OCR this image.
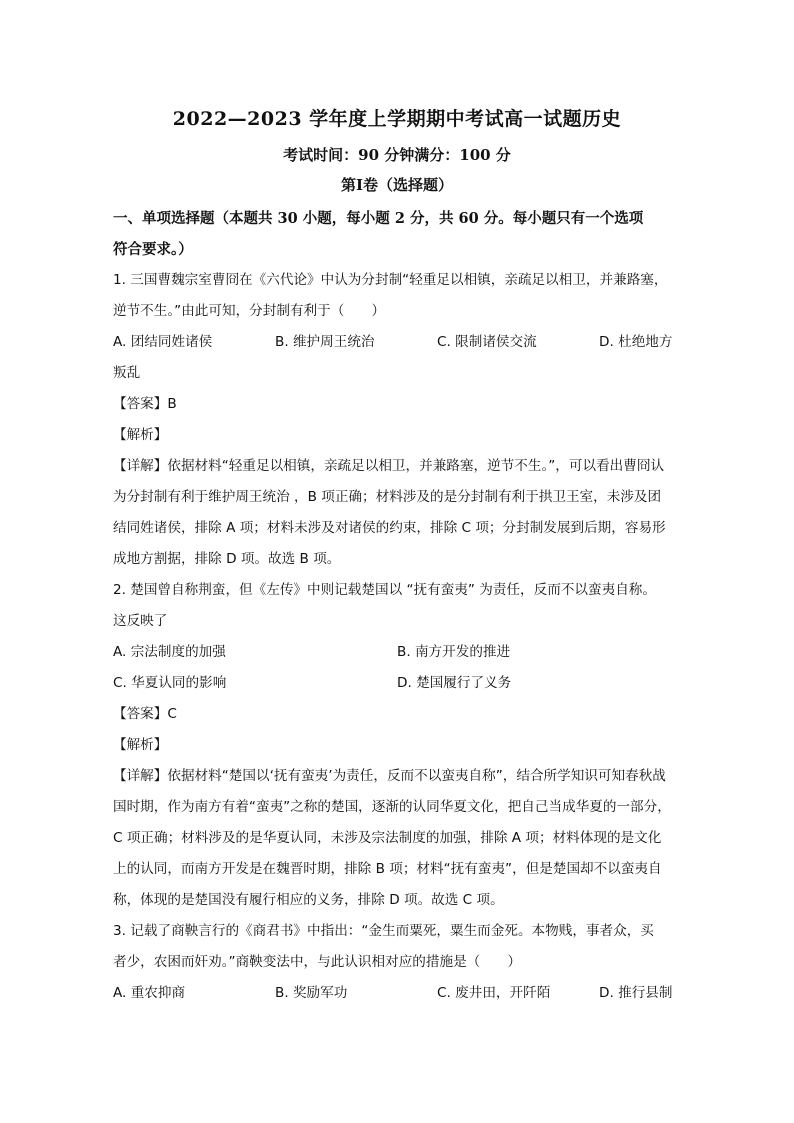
2022—2023 学年度上学期期中考试高一试题历史
考试时间：90 分钟满分：100 分
第Ⅰ卷（选择题）
一、单项选择题（本题共 30 小题，每小题 2 分，共 60 分。每小题只有一个选项
符合要求。）
1. 三国曹魏宗室曹冏在《六代论》中认为分封制“轻重足以相镇，亲疏足以相卫，并兼路塞，
逆节不生。”由此可知，分封制有利于（　　）
A. 团结同姓诸侯	B. 维护周王统治	C. 限制诸侯交流	D. 杜绝地方
叛乱
【答案】B
【解析】
【详解】依据材料“轻重足以相镇，亲疏足以相卫，并兼路塞，逆节不生。”，可以看出曹冏认
为分封制有利于维护周王统治 ，B 项正确；材料涉及的是分封制有利于拱卫王室，未涉及团
结同姓诸侯，排除 A 项；材料未涉及对诸侯的约束，排除 C 项；分封制发展到后期，容易形
成地方割据，排除 D 项。故选 B 项。
2. 楚国曾自称荆蛮，但《左传》中则记载楚国以 “抚有蛮夷” 为责任，反而不以蛮夷自称。
这反映了
A. 宗法制度的加强	B. 南方开发的推进
C. 华夏认同的影响	D. 楚国履行了义务
【答案】C
【解析】
【详解】依据材料“楚国以‘抚有蛮夷’为责任，反而不以蛮夷自称”，结合所学知识可知春秋战
国时期，作为南方有着“蛮夷”之称的楚国，逐渐的认同华夏文化，把自己当成华夏的一部分，
C 项正确；材料涉及的是华夏认同，未涉及宗法制度的加强，排除 A 项；材料体现的是文化
上的认同，而南方开发是在魏晋时期，排除 B 项；材料“抚有蛮夷”，但是楚国却不以蛮夷自
称，体现的是楚国没有履行相应的义务，排除 D 项。故选 C 项。
3. 记载了商鞅言行的《商君书》中指出：“金生而粟死，粟生而金死。本物贱，事者众，买
者少，农困而奸劝。”商鞅变法中，与此认识相对应的措施是（　　）
A. 重农抑商	B. 奖励军功	C. 废井田，开阡陌	D. 推行县制
